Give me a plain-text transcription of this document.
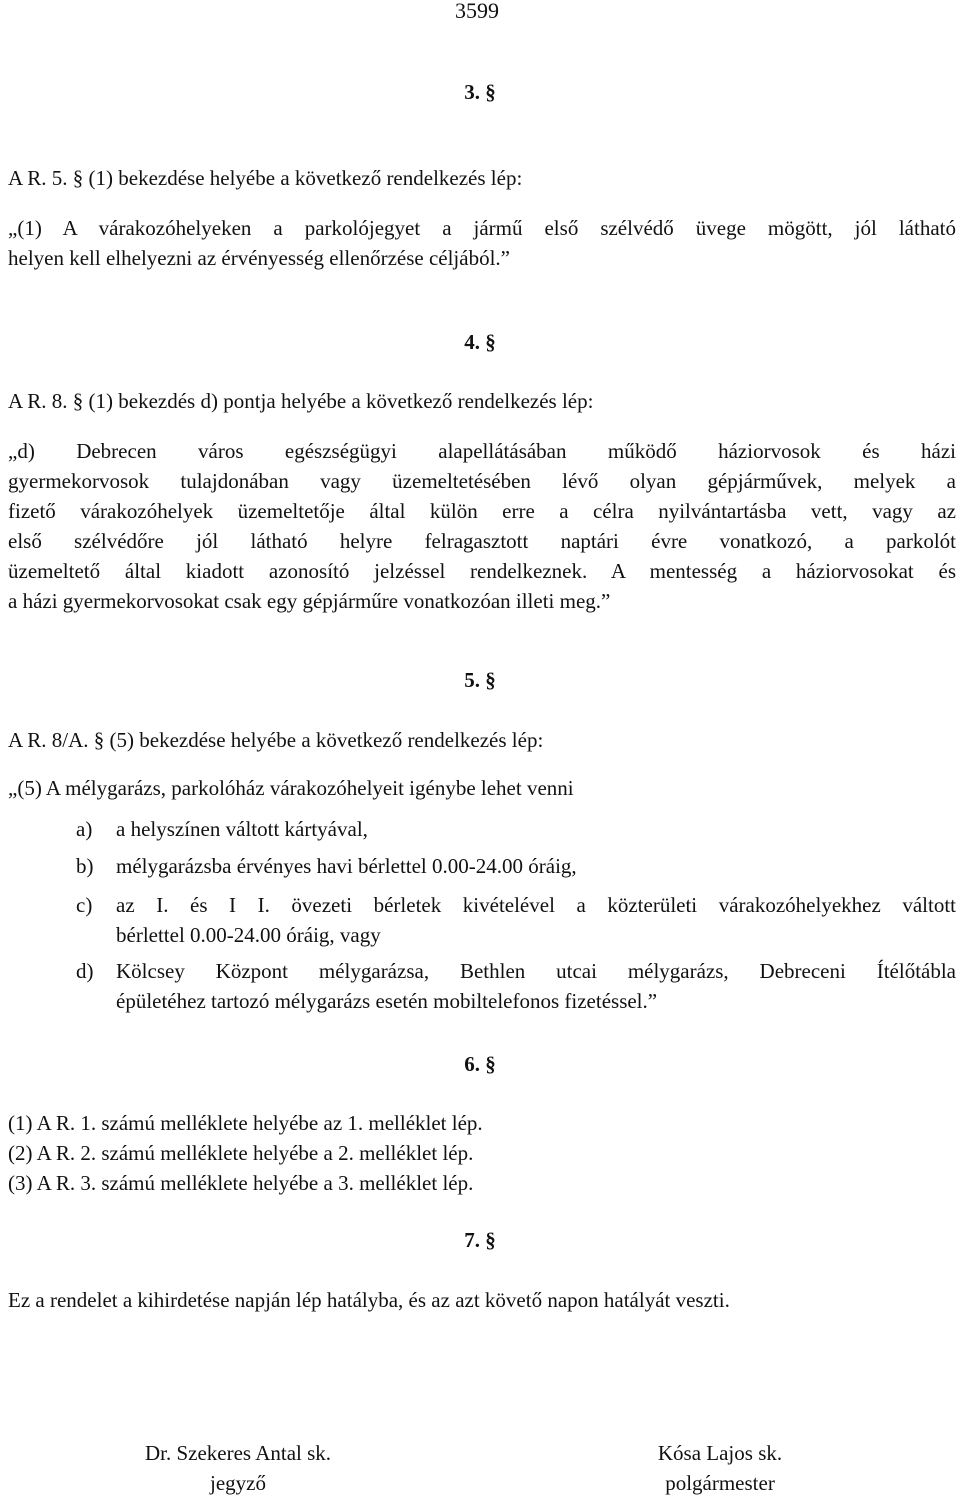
3599
3. §
A R. 5. § (1) bekezdése helyébe a következő rendelkezés lép:
„(1) A várakozóhelyeken a parkolójegyet a jármű első szélvédő üvege mögött, jól látható
helyen kell elhelyezni az érvényesség ellenőrzése céljából.”
4. §
A R. 8. § (1) bekezdés d) pontja helyébe a következő rendelkezés lép:
„d) Debrecen város egészségügyi alapellátásában működő háziorvosok és házi
gyermekorvosok tulajdonában vagy üzemeltetésében lévő olyan gépjárművek, melyek a
fizető várakozóhelyek üzemeltetője által külön erre a célra nyilvántartásba vett, vagy az
első szélvédőre jól látható helyre felragasztott naptári évre vonatkozó, a parkolót
üzemeltető által kiadott azonosító jelzéssel rendelkeznek. A mentesség a háziorvosokat és
a házi gyermekorvosokat csak egy gépjárműre vonatkozóan illeti meg.”
5. §
A R. 8/A. § (5) bekezdése helyébe a következő rendelkezés lép:
„(5) A mélygarázs, parkolóház várakozóhelyeit igénybe lehet venni
a) a helyszínen váltott kártyával,
b) mélygarázsba érvényes havi bérlettel 0.00-24.00 óráig,
c) az I. és I I. övezeti bérletek kivételével a közterületi várakozóhelyekhez váltott
bérlettel 0.00-24.00 óráig, vagy
d) Kölcsey Központ mélygarázsa, Bethlen utcai mélygarázs, Debreceni Ítélőtábla
épületéhez tartozó mélygarázs esetén mobiltelefonos fizetéssel.”
6. §
(1) A R. 1. számú melléklete helyébe az 1. melléklet lép.
(2) A R. 2. számú melléklete helyébe a 2. melléklet lép.
(3) A R. 3. számú melléklete helyébe a 3. melléklet lép.
7. §
Ez a rendelet a kihirdetése napján lép hatályba, és az azt követő napon hatályát veszti.
Dr. Szekeres Antal sk.
jegyző
Kósa Lajos sk.
polgármester
